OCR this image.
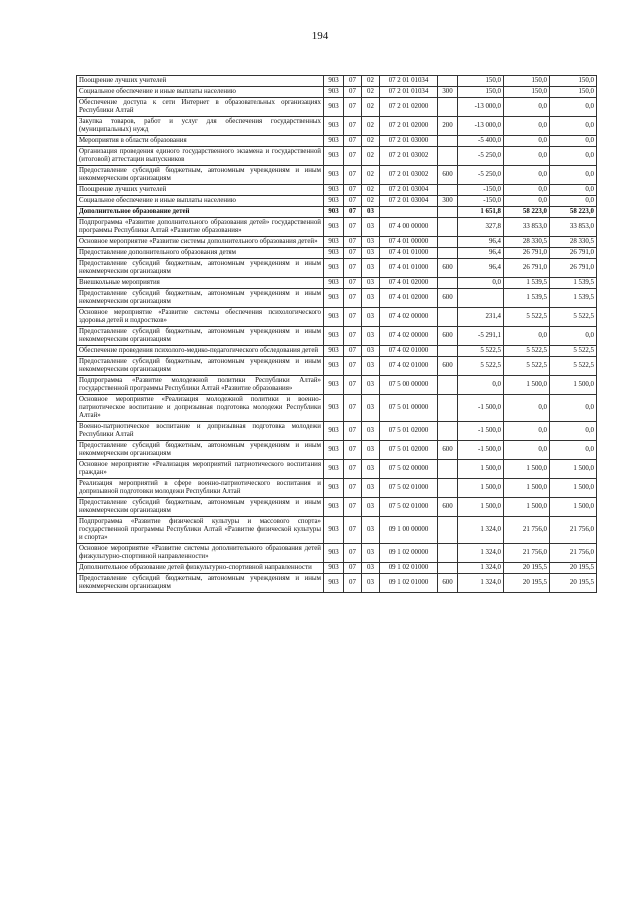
194
Поощрение лучших учителей	903	07	02	07 2 01 01034		150,0	150,0	150,0
Социальное обеспечение и иные выплаты населению	903	07	02	07 2 01 01034	300	150,0	150,0	150,0
Обеспечение доступа к сети Интернет в образовательных организациях Республики Алтай	903	07	02	07 2 01 02000		-13 000,0	0,0	0,0
Закупка товаров, работ и услуг для обеспечения государственных (муниципальных) нужд	903	07	02	07 2 01 02000	200	-13 000,0	0,0	0,0
Мероприятия в области образования	903	07	02	07 2 01 03000		-5 400,0	0,0	0,0
Организация проведения единого государственного экзамена и государственной (итоговой) аттестации выпускников	903	07	02	07 2 01 03002		-5 250,0	0,0	0,0
Предоставление субсидий бюджетным, автономным учреждениям и иным некоммерческим организациям	903	07	02	07 2 01 03002	600	-5 250,0	0,0	0,0
Поощрение лучших учителей	903	07	02	07 2 01 03004		-150,0	0,0	0,0
Социальное обеспечение и иные выплаты населению	903	07	02	07 2 01 03004	300	-150,0	0,0	0,0
Дополнительное образование детей	903	07	03			1 651,8	58 223,0	58 223,0
Подпрограмма «Развитие дополнительного образования детей» государственной программы Республики Алтай «Развитие образования»	903	07	03	07 4 00 00000		327,8	33 853,0	33 853,0
Основное мероприятие «Развитие системы дополнительного образования детей»	903	07	03	07 4 01 00000		96,4	28 330,5	28 330,5
Предоставление дополнительного образования детям	903	07	03	07 4 01 01000		96,4	26 791,0	26 791,0
Предоставление субсидий бюджетным, автономным учреждениям и иным некоммерческим организациям	903	07	03	07 4 01 01000	600	96,4	26 791,0	26 791,0
Внешкольные мероприятия	903	07	03	07 4 01 02000		0,0	1 539,5	1 539,5
Предоставление субсидий бюджетным, автономным учреждениям и иным некоммерческим организациям	903	07	03	07 4 01 02000	600		1 539,5	1 539,5
Основное мероприятие «Развитие системы обеспечения психологического здоровья детей и подростков»	903	07	03	07 4 02 00000		231,4	5 522,5	5 522,5
Предоставление субсидий бюджетным, автономным учреждениям и иным некоммерческим организациям	903	07	03	07 4 02 00000	600	-5 291,1	0,0	0,0
Обеспечение проведения психолого-медико-педагогического обследования детей	903	07	03	07 4 02 01000		5 522,5	5 522,5	5 522,5
Предоставление субсидий бюджетным, автономным учреждениям и иным некоммерческим организациям	903	07	03	07 4 02 01000	600	5 522,5	5 522,5	5 522,5
Подпрограмма «Развитие молодежной политики Республики Алтай» государственной программы Республики Алтай «Развитие образования»	903	07	03	07 5 00 00000		0,0	1 500,0	1 500,0
Основное мероприятие «Реализация молодежной политики и военно-патриотическое воспитание и допризывная подготовка молодежи Республики Алтай»	903	07	03	07 5 01 00000		-1 500,0	0,0	0,0
Военно-патриотическое воспитание и допризывная подготовка молодежи Республики Алтай	903	07	03	07 5 01 02000		-1 500,0	0,0	0,0
Предоставление субсидий бюджетным, автономным учреждениям и иным некоммерческим организациям	903	07	03	07 5 01 02000	600	-1 500,0	0,0	0,0
Основное мероприятие «Реализация мероприятий патриотического воспитания граждан»	903	07	03	07 5 02 00000		1 500,0	1 500,0	1 500,0
Реализация мероприятий в сфере военно-патриотического воспитания и допризывной подготовки молодежи Республики Алтай	903	07	03	07 5 02 01000		1 500,0	1 500,0	1 500,0
Предоставление субсидий бюджетным, автономным учреждениям и иным некоммерческим организациям	903	07	03	07 5 02 01000	600	1 500,0	1 500,0	1 500,0
Подпрограмма «Развитие физической культуры и массового спорта» государственной программы Республики Алтай «Развитие физической культуры и спорта»	903	07	03	09 1 00 00000		1 324,0	21 756,0	21 756,0
Основное мероприятие «Развитие системы дополнительного образования детей физкультурно-спортивной направленности»	903	07	03	09 1 02 00000		1 324,0	21 756,0	21 756,0
Дополнительное образование детей физкультурно-спортивной направленности	903	07	03	09 1 02 01000		1 324,0	20 195,5	20 195,5
Предоставление субсидий бюджетным, автономным учреждениям и иным некоммерческим организациям	903	07	03	09 1 02 01000	600	1 324,0	20 195,5	20 195,5
